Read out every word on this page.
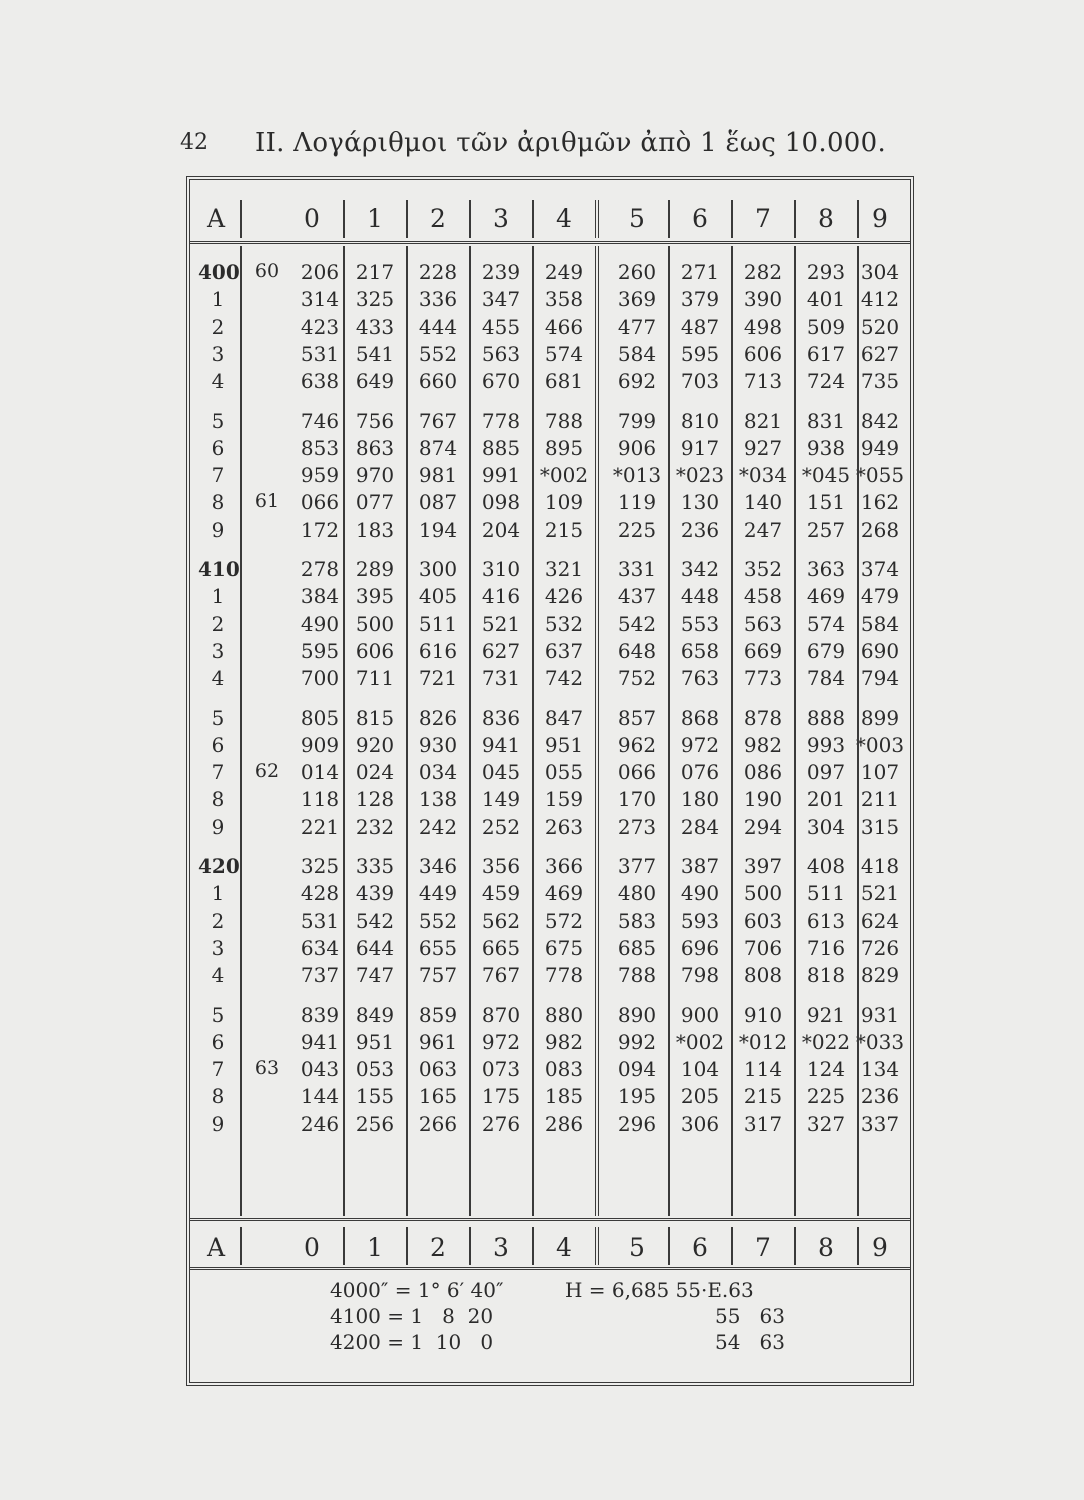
42 II. Λογάριθμοι τῶν ἀριθμῶν ἀπὸ 1 ἕως 10.000.
A	0	1	2	3	4	5	6	7	8	9
400 60	206 217	228	239	249	260	271	282	293 304
1	314 325	336	347	358	369	379	390	401 412
2	423 433	444	455	466	477	487	498	509 520
3	531 541	552	563	574	584	595	606	617 627
4	638 649	660	670	681	692	703	713	724 735
5	746 756	767	778	788	799	810	821	831 842
6	853 863	874	885	895	906	917	927	938 949
7	959 970	981	991 *002 *013 *023 *034 *045 *055
8	61	066 077	087	098	109	119	130	140	151 162
9	172 183	194	204	215	225	236	247	257 268
410	278 289	300	310	321	331	342	352	363 374
1	384 395	405	416	426	437	448	458	469 479
2	490 500	511	521	532	542	553	563	574 584
3	595 606	616	627	637	648	658	669	679 690
4	700 711	721	731	742	752	763	773	784 794
5	805 815	826	836	847	857	868	878	888 899
6	909 920	930	941	951	962	972	982	993 *003
7	62	014 024	034	045	055	066	076	086	097 107
8	118 128	138	149	159	170	180	190	201 211
9	221 232	242	252	263	273	284	294	304 315
420	325 335	346	356	366	377	387	397	408 418
1	428 439	449	459	469	480	490	500	511 521
2	531 542	552	562	572	583	593	603	613 624
3	634 644	655	665	675	685	696	706	716 726
4	737 747	757	767	778	788	798	808	818 829
5	839 849	859	870	880	890	900	910	921 931
6	941 951	961	972	982	992 *002 *012 *022 *033
7	63	043 053	063	073	083	094	104	114	124 134
8	144 155	165	175	185	195	205	215	225 236
9	246 256	266	276	286	296	306	317	327 337
A	0	1	2	3	4	5	6	7	8	9
4000″ = 1° 6′ 40″
4100 = 1   8  20
4200 = 1  10   0
H = 6,685 55·E.63
55   63
54   63
